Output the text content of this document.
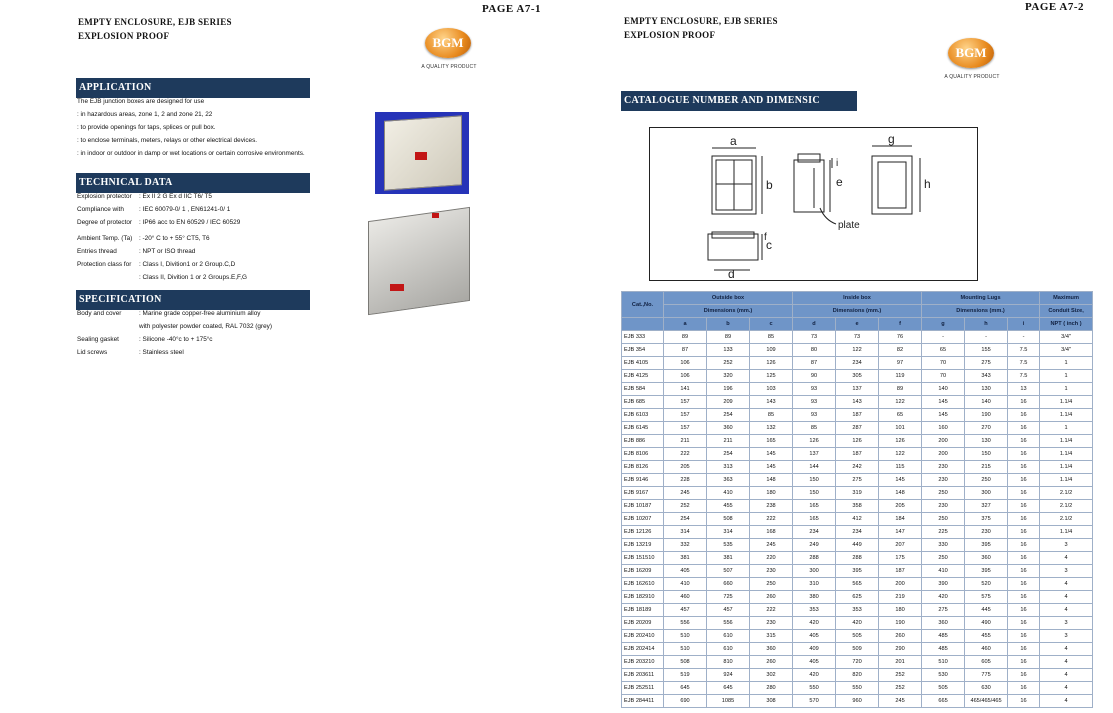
PAGE A7-1
EMPTY ENCLOSURE, EJB SERIES
EXPLOSION PROOF	BGM
A QUALITY PRODUCT
APPLICATION
The EJB junction boxes are designed for use
: in hazardous areas, zone 1, 2 and zone 21, 22
: to provide openings for taps, splices or pull box.
: to enclose terminals, meters, relays or other electrical devices.
: in indoor or outdoor in damp or wet locations or certain corrosive environments.
TECHNICAL DATA
Explosion protector : Ex II 2 G Ex d IIC T6/ T5
Compliance with : IEC 60079-0/ 1 , EN61241-0/ 1
Degree of protector : IP66 acc to EN 60529 / IEC 60529
Ambient Temp. (Ta) : -20° C to + 55° CT5, T6
Entries thread	: NPT or ISO thread
Protection class for : Class I, Divition1 or 2 Group.C,D
: Class II, Divition 1 or 2 Groups.E,F,G
SPECIFICATION
Body and cover	: Marine grade copper-free aluminium alloy
with polyester powder coated, RAL 7032 (grey)
Sealing gasket	: Silicone -40°c to + 175°c
Lid screws	: Stainless steel
PAGE A7-2
EMPTY ENCLOSURE, EJB SERIES
EXPLOSION PROOF
BGM
A QUALITY PRODUCT
CATALOGUE NUMBER AND DIMENSIC
a
b	e
i
plate
g
h
c
f
d
Cat.,No.	Outside box			Inside box			Mounting Lugs			Maximum
	Dimensions (mm.)			Dimensions (mm.)			Dimensions (mm.)			Conduit Size,
	a	b	c	d	e	f	g	h	i	NPT ( inch )
EJB 333	89	89	85	73	73	76	-	-	-	3/4"
EJB 354	87	133	109	80	122	82	65	155	7.5	3/4"
EJB 4105	106	252	126	87	234	97	70	275	7.5	1
EJB 4125	106	320	125	90	305	119	70	343	7.5	1
EJB 584	141	196	103	93	137	89	140	130	13	1
EJB 685	157	209	143	93	143	122	145	140	16	1.1/4
EJB 6103	157	254	85	93	187	65	145	190	16	1.1/4
EJB 6145	157	360	132	85	287	101	160	270	16	1
EJB 886	211	211	165	126	126	126	200	130	16	1.1/4
EJB 8106	222	254	145	137	187	122	200	150	16	1.1/4
EJB 8126	205	313	145	144	242	115	230	215	16	1.1/4
EJB 9146	228	363	148	150	275	145	230	250	16	1.1/4
EJB 9167	245	410	180	150	319	148	250	300	16	2.1/2
EJB 10187	252	455	238	165	358	205	230	327	16	2.1/2
EJB 10207	254	508	222	165	412	184	250	375	16	2.1/2
EJB 12126	314	314	168	234	234	147	225	230	16	1.1/4
EJB 13219	332	535	245	249	449	207	330	395	16	3
EJB 151510	381	381	220	288	288	175	250	360	16	4
EJB 16209	405	507	230	300	395	187	410	395	16	3
EJB 162610	410	660	250	310	565	200	390	520	16	4
EJB 182910	460	725	260	380	625	219	420	575	16	4
EJB 18189	457	457	222	353	353	180	275	445	16	4
EJB 20209	556	556	230	420	420	190	360	490	16	3
EJB 202410	510	610	315	405	505	260	485	455	16	3
EJB 202414	510	610	360	409	509	290	485	460	16	4
EJB 203210	508	810	260	405	720	201	510	605	16	4
EJB 203611	519	924	302	420	820	252	530	775	16	4
EJB 252511	645	645	280	550	550	252	505	630	16	4
EJB 284411	690	1085	308	570	960	245	665	465/465/465	16	4
